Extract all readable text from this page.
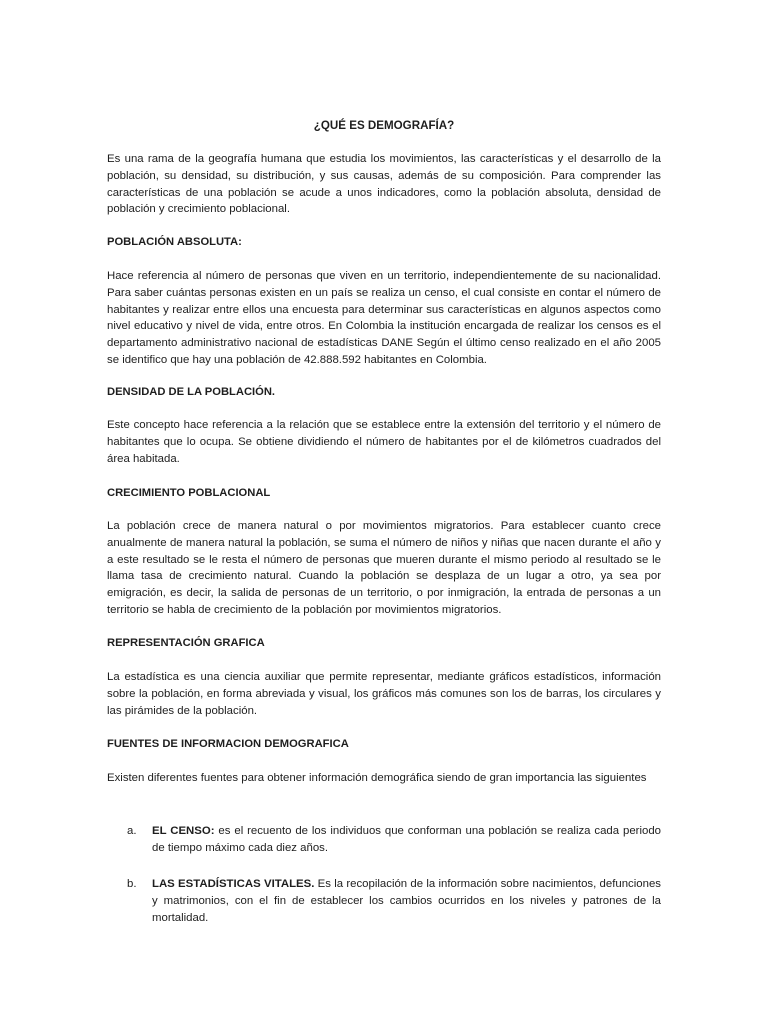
¿QUÉ ES DEMOGRAFÍA?

Es una rama de la geografía humana que estudia los movimientos, las características y el desarrollo de la población, su densidad, su distribución, y sus causas, además de su composición. Para comprender las características de una población se acude a unos indicadores, como la población absoluta, densidad de población y crecimiento poblacional.

POBLACIÓN ABSOLUTA:

Hace referencia al número de personas que viven en un territorio, independientemente de su nacionalidad. Para saber cuántas personas existen en un país se realiza un censo, el cual consiste en contar el número de habitantes y realizar entre ellos una encuesta para determinar sus características en algunos aspectos como nivel educativo y nivel de vida, entre otros. En Colombia la institución encargada de realizar los censos es el departamento administrativo nacional de estadísticas DANE Según el último censo realizado en el año 2005 se identifico que hay una población de 42.888.592 habitantes en Colombia.

DENSIDAD DE LA POBLACIÓN.

Este concepto hace referencia a la relación que se establece entre la extensión del territorio y el número de habitantes que lo ocupa. Se obtiene dividiendo el número de habitantes por el de kilómetros cuadrados del área habitada.

CRECIMIENTO POBLACIONAL

La población crece de manera natural o por movimientos migratorios. Para establecer cuanto crece anualmente de manera natural la población, se suma el número de niños y niñas que nacen durante el año y a este resultado se le resta el número de personas que mueren durante el mismo periodo al resultado se le llama tasa de crecimiento natural. Cuando la población se desplaza de un lugar a otro, ya sea por emigración, es decir, la salida de personas de un territorio, o por inmigración, la entrada de personas a un territorio se habla de crecimiento de la población por movimientos migratorios.

REPRESENTACIÓN GRAFICA

La estadística es una ciencia auxiliar que permite representar, mediante gráficos estadísticos, información sobre la población, en forma abreviada y visual, los gráficos más comunes son los de barras, los circulares y las pirámides de la población.

FUENTES DE INFORMACION DEMOGRAFICA

Existen diferentes fuentes para obtener información demográfica siendo de gran importancia las siguientes

a.	EL CENSO: es el recuento de los individuos que conforman una población se realiza cada periodo de tiempo máximo cada diez años.
b.	LAS ESTADÍSTICAS VITALES. Es la recopilación de la información sobre nacimientos, defunciones y matrimonios, con el fin de establecer los cambios ocurridos en los niveles y patrones de la mortalidad.
